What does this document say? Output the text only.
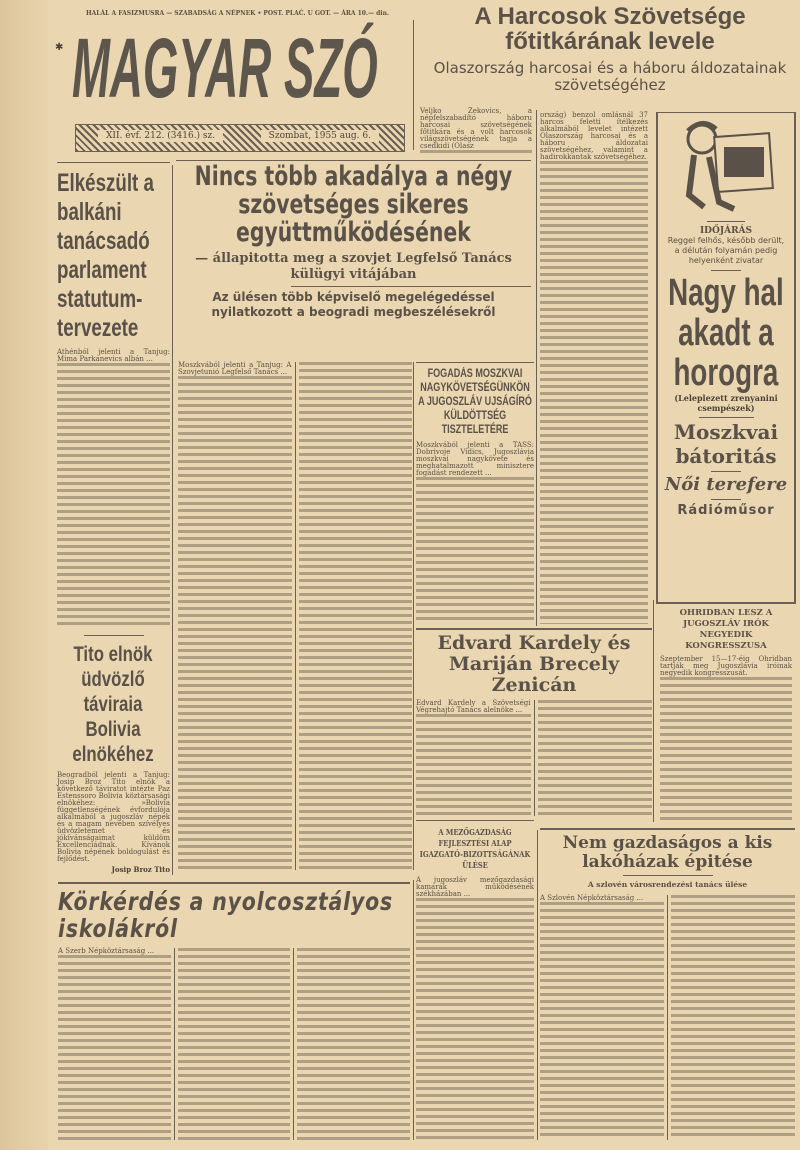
HALÁL A FASIZMUSRA — SZABADSÁG A NÉPNEK • POST. PLAĆ. U GOT. — ÁRA 10.— din.
✱ MAGYAR SZÓ
XII. évf. 212. (3416.) sz.	Szombat, 1955 aug. 6.
A Harcosok Szövetsége főtitkárának levele
Olaszország harcosai és a háboru áldozatainak szövetségéhez
Veljko Zekovics, a népfelszabadító háboru harcosai szövetségének főtitkára és a volt harcosok világszövetségének tagja a csedkidi (Olasz
ország) benzol omlásnál 37 harcos feletti ítélkezés alkalmából levelet intézett Olaszország harcosai és a háboru áldozatai szövetségéhez, valamint a hadirokkantak szövetségéhez.
IDŐJÁRÁS
Reggel felhős, később derült, a délután folyamán pedig helyenként zivatar
Nagy hal akadt a horogra
(Leleplezett zrenyanini csempészek)
Moszkvai bátoritás
Női terefere
Rádióműsor
OHRIDBAN LESZ A JUGOSZLÁV IRÓK NEGYEDIK KONGRESSZUSA
Szeptember 15—17-éig Ohridban tartják meg Jugoszlávia iróinak negyedik kongresszusát.
Elkészült a balkáni tanácsadó parlament statutum-tervezete
Athénból jelenti a Tanjug: Mima Parkanevics albán ...
Tito elnök üdvözlő táviraia Bolivia elnökéhez
Beogradból jelenti a Tanjug: Josip Broz Tito elnök a következő táviratot intézte Paz Estenssoro Bolivia köztársasági elnökéhez: »Bolivia függetlenségének évfordulója alkalmából a jugoszláv népek és a magam nevében szívélyes üdvözletemet és jókívánságaimat küldöm Excellenciádnak. Kívánok Bolivia népének boldogulást és fejlődést.
Josip Broz Tito
Nincs több akadálya a négy szövetséges sikeres együttműködésének
— állapitotta meg a szovjet Legfelső Tanács külügyi vitájában
Az ülésen több képviselő megelégedéssel nyilatkozott a beogradi megbeszélésekről
Moszkvából jelenti a Tanjug: A Szovjetunió Legfelső Tanács ...	FOGADÁS MOSZKVAI NAGYKÖVETSÉGÜNKÖN A JUGOSZLÁV UJSÁGÍRÓ KÜLDÖTTSÉG TISZTELETÉRE
Moszkvából jelenti a TASS: Dobrivoje Vidics, Jugoszlávia moszkvai nagykövete és meghatalmazott minisztere fogadást rendezett ...
Edvard Kardely és Mariján Brecely Zenicán
Edvard Kardely a Szövetségi Végrehajtó Tanács alelnöke ...
A MEZŐGAZDASÁG FEJLESZTÉSI ALAP IGAZGATÓ-BIZOTTSÁGÁNAK ÜLÉSE
A jugoszláv mezőgazdasági kamarák működésének székházában ...
Nem gazdaságos a kis lakóházak épitése
A szlovén városrendezési tanács ülése
A Szlovén Népköztársaság ...
Körkérdés a nyolcosztályos iskolákról
A Szerb Népköztársaság ...
